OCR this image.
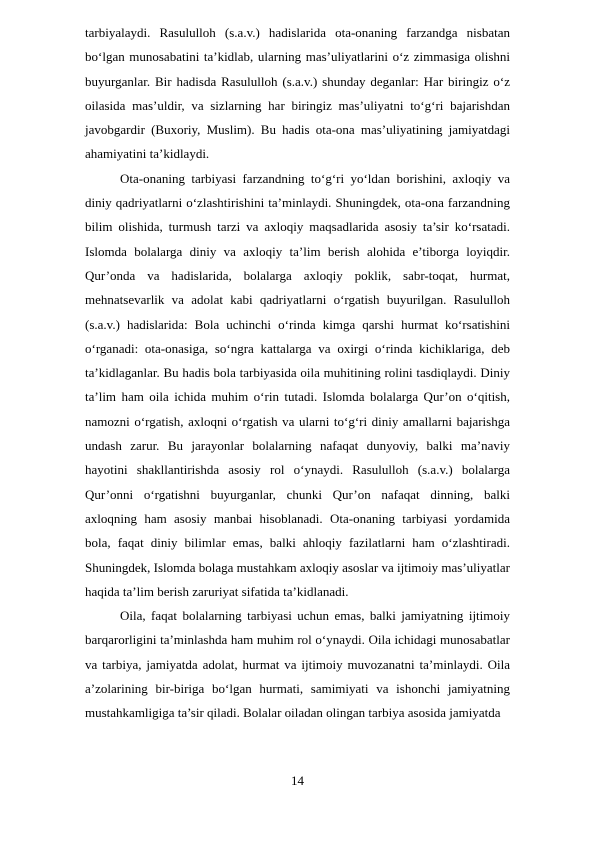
tarbiyalaydi. Rasululloh (s.a.v.) hadislarida ota-onaning farzandga nisbatan bo‘lgan munosabatini ta’kidlab, ularning mas’uliyatlarini o‘z zimmasiga olishni buyurganlar. Bir hadisda Rasululloh (s.a.v.) shunday deganlar: Har biringiz o‘z oilasida mas’uldir, va sizlarning har biringiz mas’uliyatni to‘g‘ri bajarishdan javobgardir (Buxoriy, Muslim). Bu hadis ota-ona mas’uliyatining jamiyatdagi ahamiyatini ta’kidlaydi.

Ota-onaning tarbiyasi farzandning to‘g‘ri yo‘ldan borishini, axloqiy va diniy qadriyatlarni o‘zlashtirishini ta’minlaydi. Shuningdek, ota-ona farzandning bilim olishida, turmush tarzi va axloqiy maqsadlarida asosiy ta’sir ko‘rsatadi. Islomda bolalarga diniy va axloqiy ta’lim berish alohida e’tiborga loyiqdir. Qur’onda va hadislarida, bolalarga axloqiy poklik, sabr-toqat, hurmat, mehnatsevarlik va adolat kabi qadriyatlarni o‘rgatish buyurilgan. Rasululloh (s.a.v.) hadislarida: Bola uchinchi o‘rinda kimga qarshi hurmat ko‘rsatishini o‘rganadi: ota-onasiga, so‘ngra kattalarga va oxirgi o‘rinda kichiklariga, deb ta’kidlaganlar. Bu hadis bola tarbiyasida oila muhitining rolini tasdiqlaydi. Diniy ta’lim ham oila ichida muhim o‘rin tutadi. Islomda bolalarga Qur’on o‘qitish, namozni o‘rgatish, axloqni o‘rgatish va ularni to‘g‘ri diniy amallarni bajarishga undash zarur. Bu jarayonlar bolalarning nafaqat dunyoviy, balki ma’naviy hayotini shakllantirishda asosiy rol o‘ynaydi. Rasululloh (s.a.v.) bolalarga Qur’onni o‘rgatishni buyurganlar, chunki Qur’on nafaqat dinning, balki axloqning ham asosiy manbai hisoblanadi. Ota-onaning tarbiyasi yordamida bola, faqat diniy bilimlar emas, balki ahloqiy fazilatlarni ham o‘zlashtiradi. Shuningdek, Islomda bolaga mustahkam axloqiy asoslar va ijtimoiy mas’uliyatlar haqida ta’lim berish zaruriyat sifatida ta’kidlanadi.

Oila, faqat bolalarning tarbiyasi uchun emas, balki jamiyatning ijtimoiy barqarorligini ta’minlashda ham muhim rol o‘ynaydi. Oila ichidagi munosabatlar va tarbiya, jamiyatda adolat, hurmat va ijtimoiy muvozanatni ta’minlaydi. Oila a’zolarining bir-biriga bo‘lgan hurmati, samimiyati va ishonchi jamiyatning mustahkamligiga ta’sir qiladi. Bolalar oiladan olingan tarbiya asosida jamiyatda

14
